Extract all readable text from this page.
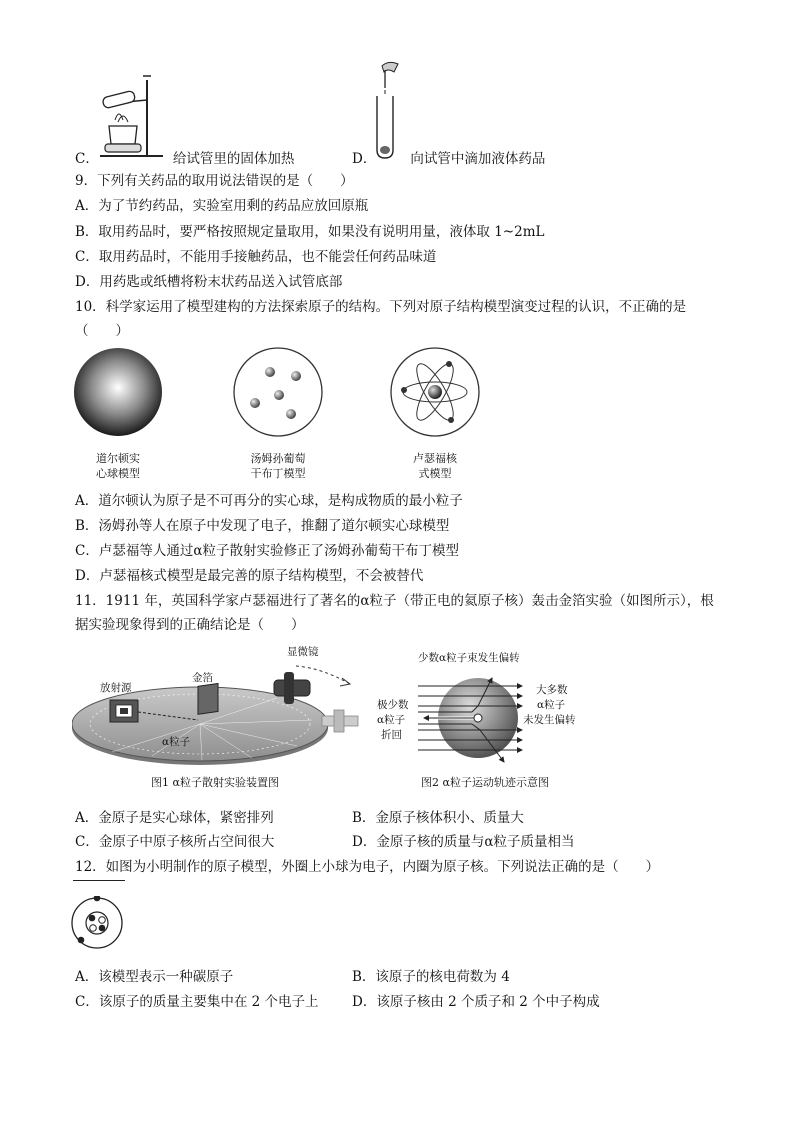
C．	给试管里的固体加热	D．	向试管中滴加液体药品
9．下列有关药品的取用说法错误的是（　　）
A．为了节约药品，实验室用剩的药品应放回原瓶
B．取用药品时，要严格按照规定量取用，如果没有说明用量，液体取 1~2mL
C．取用药品时，不能用手接触药品，也不能尝任何药品味道
D．用药匙或纸槽将粉末状药品送入试管底部
10．科学家运用了模型建构的方法探索原子的结构。下列对原子结构模型演变过程的认识，不正确的是
（　　）
道尔顿实
心球模型
汤姆孙葡萄
干布丁模型
卢瑟福核
式模型
A．道尔顿认为原子是不可再分的实心球，是构成物质的最小粒子
B．汤姆孙等人在原子中发现了电子，推翻了道尔顿实心球模型
C．卢瑟福等人通过α粒子散射实验修正了汤姆孙葡萄干布丁模型
D．卢瑟福核式模型是最完善的原子结构模型，不会被替代
11．1911 年，英国科学家卢瑟福进行了著名的α粒子（带正电的氦原子核）轰击金箔实验（如图所示），根
据实验现象得到的正确结论是（　　）
放射源
金箔
显微镜
α粒子
图1 α粒子散射实验装置图
少数α粒子束发生偏转
极少数
α粒子
折回
大多数
α粒子
未发生偏转
图2 α粒子运动轨迹示意图
A．金原子是实心球体，紧密排列	B．金原子核体积小、质量大
C．金原子中原子核所占空间很大	D．金原子核的质量与α粒子质量相当
12．如图为小明制作的原子模型，外圈上小球为电子，内圈为原子核。下列说法正确的是（　　）
A．该模型表示一种碳原子	B．该原子的核电荷数为 4
C．该原子的质量主要集中在 2 个电子上 D．该原子核由 2 个质子和 2 个中子构成
